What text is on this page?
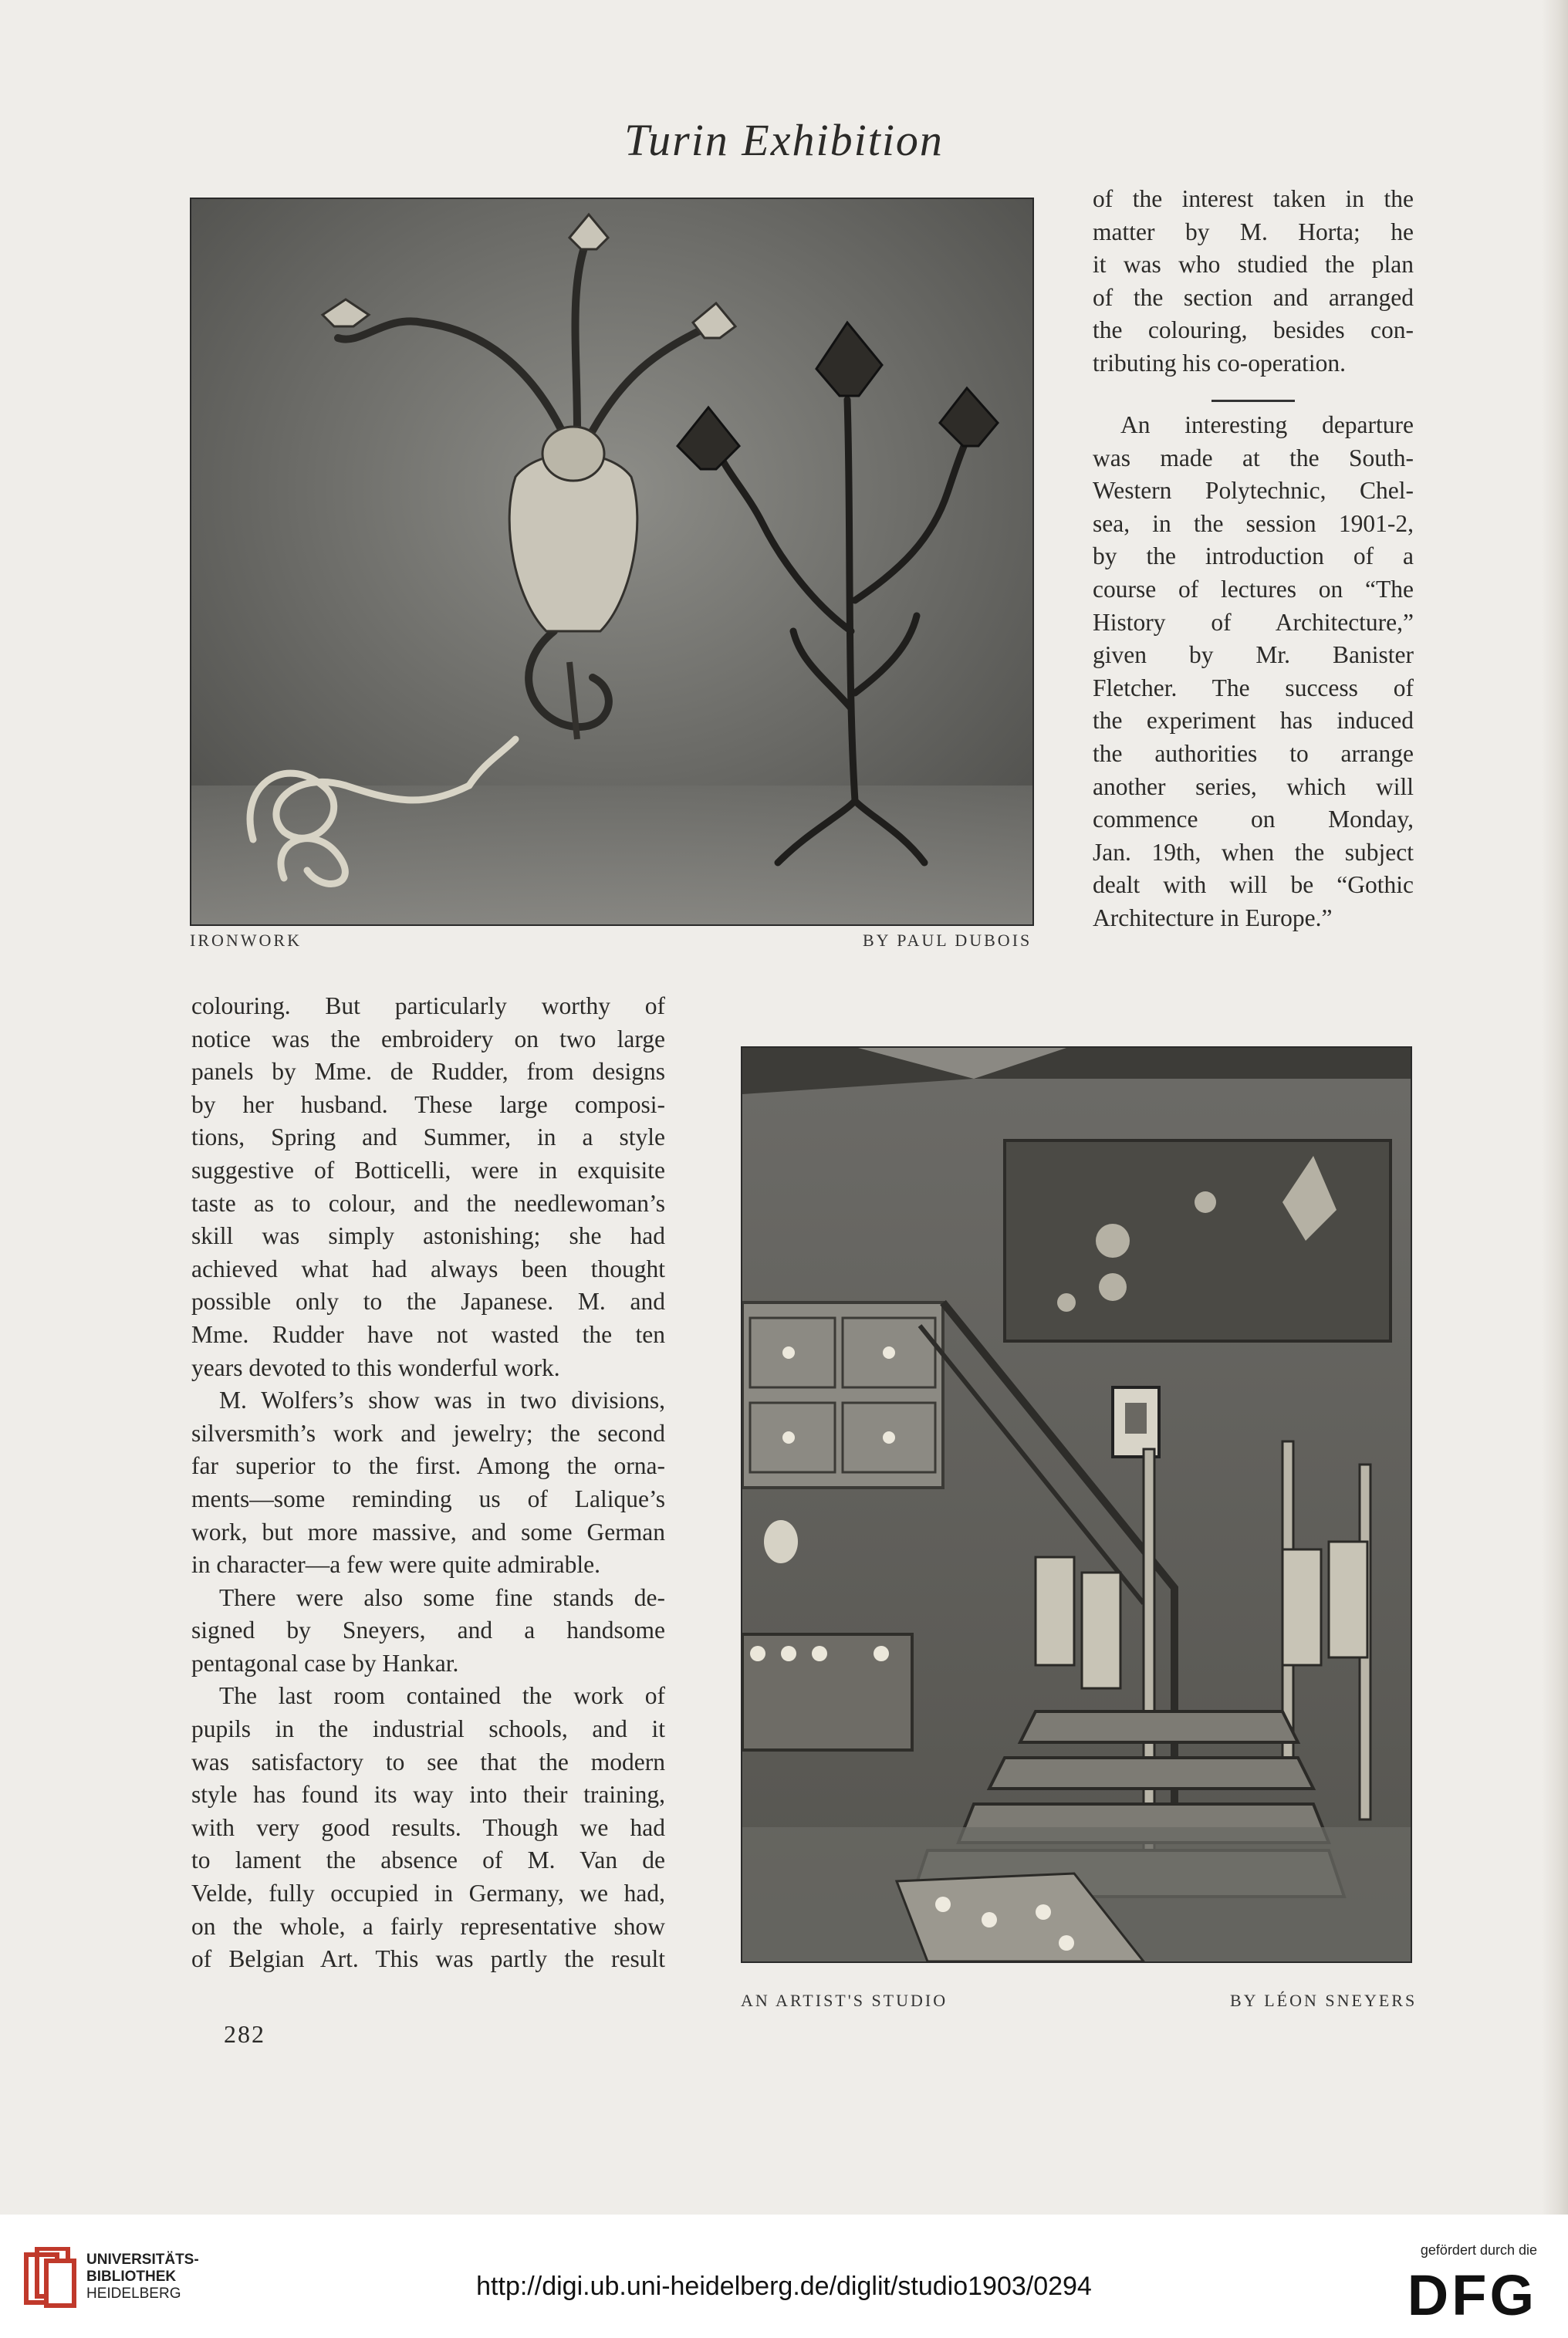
Turin Exhibition
IRONWORK	BY PAUL DUBOIS
of the interest taken in the
matter by M. Horta; he
it was who studied the plan
of the section and arranged
the colouring, besides con-
tributing his co-operation.
An interesting departure
was made at the South-
Western Polytechnic, Chel-
sea, in the session 1901-2,
by the introduction of a
course of lectures on “The
History of Architecture,”
given by Mr. Banister
Fletcher. The success of
the experiment has induced
the authorities to arrange
another series, which will
commence on Monday,
Jan. 19th, when the subject
dealt with will be “Gothic
Architecture in Europe.”
colouring. But particularly worthy of
notice was the embroidery on two large
panels by Mme. de Rudder, from designs
by her husband. These large composi-
tions, Spring and Summer, in a style
suggestive of Botticelli, were in exquisite
taste as to colour, and the needlewoman’s
skill was simply astonishing; she had
achieved what had always been thought
possible only to the Japanese. M. and
Mme. Rudder have not wasted the ten
years devoted to this wonderful work.
M. Wolfers’s show was in two divisions,
silversmith’s work and jewelry; the second
far superior to the first. Among the orna-
ments—some reminding us of Lalique’s
work, but more massive, and some German
in character—a few were quite admirable.
There were also some fine stands de-
signed by Sneyers, and a handsome
pentagonal case by Hankar.
The last room contained the work of
pupils in the industrial schools, and it
was satisfactory to see that the modern
style has found its way into their training,
with very good results. Though we had
to lament the absence of M. Van de
Velde, fully occupied in Germany, we had,
on the whole, a fairly representative show
of Belgian Art. This was partly the result
AN ARTIST'S STUDIO	BY LÉON SNEYERS
282
UNIVERSITÄTS-
BIBLIOTHEK
HEIDELBERG	http://digi.ub.uni-heidelberg.de/diglit/studio1903/0294
gefördert durch die
DFG
